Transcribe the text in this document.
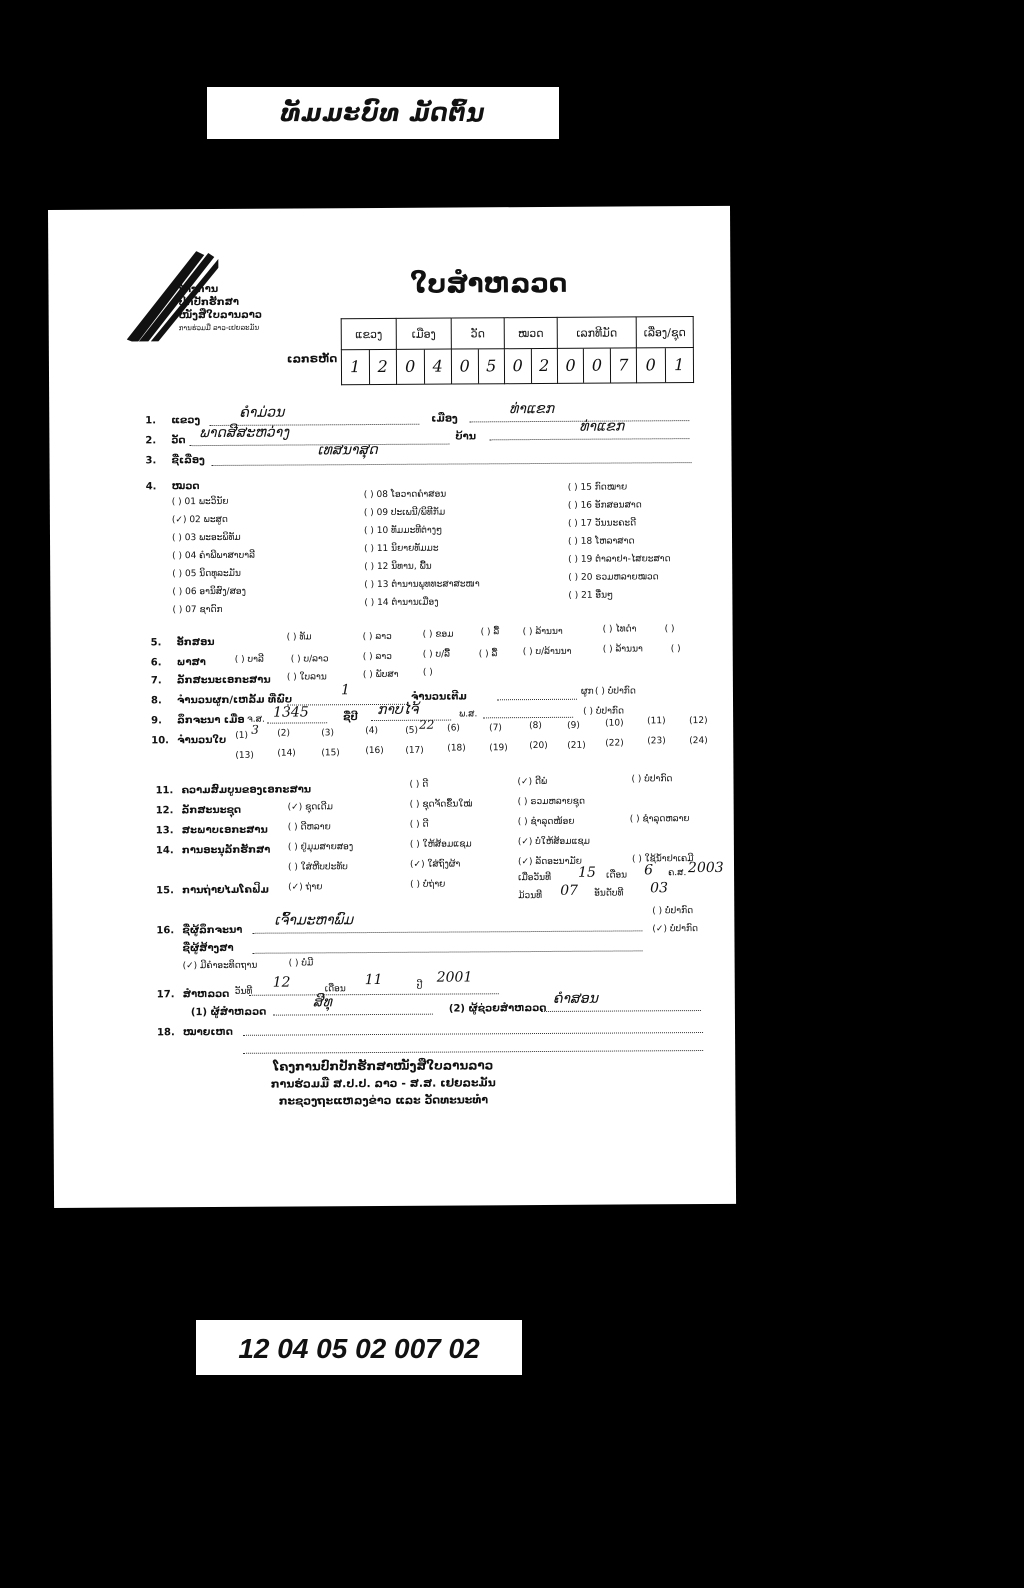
ທັມມະບົທ ມັດຕົ້ນ
ໂຄງການ
ປົກປັກຮັກສາ
ໜັງສືໃບລານລາວ
ການຮ່ວມມື ລາວ-ເຢຍລະມັນ
ໃບສຳຫລວດ
ເລກຣຫັດ
ແຂວງ	ເມືອງ	ວັດ	ໝວດ	ເລກທີມັດ	ເລື່ອງ/ຊຸດ

1 2	0 4	0 5	0 2	0 0 7	0 1
1. ແຂວງ	ຄຳມ່ວນ	ເມືອງ
ທ່າແຂກ
2. ວັດ ພາດສີສະຫວ່າງ	ບ້ານ
ທ່າແຂກ
3. ຊື່ເລື່ອງ
ເທສນາສຸດ
4. ໝວດ
( ) 01 ພະວິນັຍ
(✓) 02 ພະສູດ
( ) 03 ພະອະພິທັມ
( ) 04 ຄຳພີພາສາບາລີ
( ) 05 ນິດທຸລະມັນ
( ) 06 ອານິສົງ/ສອງ
( ) 07 ຊາດົກ
( ) 08 ໂອວາດຄຳສອນ
( ) 09 ປະເພນີ/ພິທີກັມ
( ) 10 ທັມມະທີຕ່າງໆ
( ) 11 ນິຍາຍທັມມະ
( ) 12 ນິທານ, ພື້ນ
( ) 13 ຕຳນານພຸທທະສາສະໜາ
( ) 14 ຕຳນານເມືອງ
( ) 15 ກົດໝາຍ
( ) 16 ອັກສອນສາດ
( ) 17 ວັນນະຄະດີ
( ) 18 ໂຫລາສາດ
( ) 19 ຕຳລາຢາ-ໄສຍະສາດ
( ) 20 ຣວມຫລາຍໝວດ
( ) 21 ອື່ນໆ
5. ອັກສອນ	( ) ທັມ	( ) ລາວ	( ) ຂອມ	( ) ລື້	( ) ລ້ານນາ	( ) ໄທດຳ	( )
6. ພາສາ	( ) ບາລີ	( ) ບ/ລາວ	( ) ລາວ	( ) ບ/ລື້	( ) ລື້	( ) ບ/ລ້ານນາ	( ) ລ້ານນາ	( )
7. ລັກສະນະເອກະສານ ( ) ໃບລານ	( ) ພັບສາ	( )
8. ຈຳນວນຜູກ/ເຫລັ້ມ ທີ່ພົບ
1	ຈຳນວນເຕີມ	ຜູກ ( ) ບໍ່ປາກົດ
9. ລຶກຈະນາ ເມື່ອ ຈ.ສ. 1345	ຊື່ປີ ກາບໄຈ້	ພ.ສ.	( ) ບໍ່ປາກົດ
10. ຈຳນວນໃບ (1) 3 (2)	(3)	(4)	(5) 22 (6)	(7)	(8)	(9)	(10)	(11)	(12)
(13)	(14)	(15)	(16) (17)	(18)	(19) (20) (21) (22)	(23)	(24)
11. ຄວາມສົມບູນຂອງເອກະສານ	( ) ດີ	(✓) ດີພໍ	( ) ບໍ່ປາກົດ
12. ລັກສະນະຊຸດ	(✓) ຊຸດເດີມ	( ) ຊຸດຈັດຂຶ້ນໃໝ່	( ) ຣວມຫລາຍຊຸດ
13. ສະພາບເອກະສານ ( ) ດີຫລາຍ	( ) ດີ	( ) ຊຳລຸດໜ້ອຍ	( ) ຊຳລຸດຫລາຍ
14. ການອະນຸລັກຮັກສາ ( ) ຢູ່ມຸມສາຍສອງ	( ) ໃຫ້ສ້ອມແຊມ	(✓) ບໍ່ໃຫ້ສ້ອມແຊມ
( ) ໃສ່ຫີບປະທັບ	(✓) ໃສ່ຖົງຜ້າ	(✓) ລັດອະນາມັຍ	( ) ໃຊ້ນ້ຳຢາເຄມີ
15. ການຖ່າຍໄມໂຄຟິມ (✓) ຖ່າຍ	( ) ບໍ່ຖ່າຍ
ເມື່ອວັນທີ 15 ເດືອນ 6 ຄ.ສ. 2003
ມ້ວນທີ 07 ອັນດັບທີ 03
16. ຊື່ຜູ້ລຶກຈະນາ
ເຈົ້າມະຫາພົມ
( ) ບໍ່ປາກົດ
ຊື່ຜູ້ສ້າງສາ
(✓) ບໍ່ປາກົດ
(✓) ມີຄຳອະທິດຖານ	( ) ບໍ່ມີ
17. ສຳຫລວດ ວັນທີ
12	ເດືອນ
11	ປີ
2001
(1) ຜູ້ສຳຫລວດ
ສີທຸ	(2) ຜູ້ຊ່ວຍສຳຫລວດ
ຄຳສອນ
18. ໝາຍເຫດ
ໂຄງການປົກປັກຮັກສາໜັງສືໃບລານລາວ
ການຮ່ວມມື ສ.ປ.ປ. ລາວ - ສ.ສ. ເຢຍລະມັນ
ກະຊວງຖະແຫລງຂ່າວ ແລະ ວັດທະນະທຳ
12 04 05 02 007 02
